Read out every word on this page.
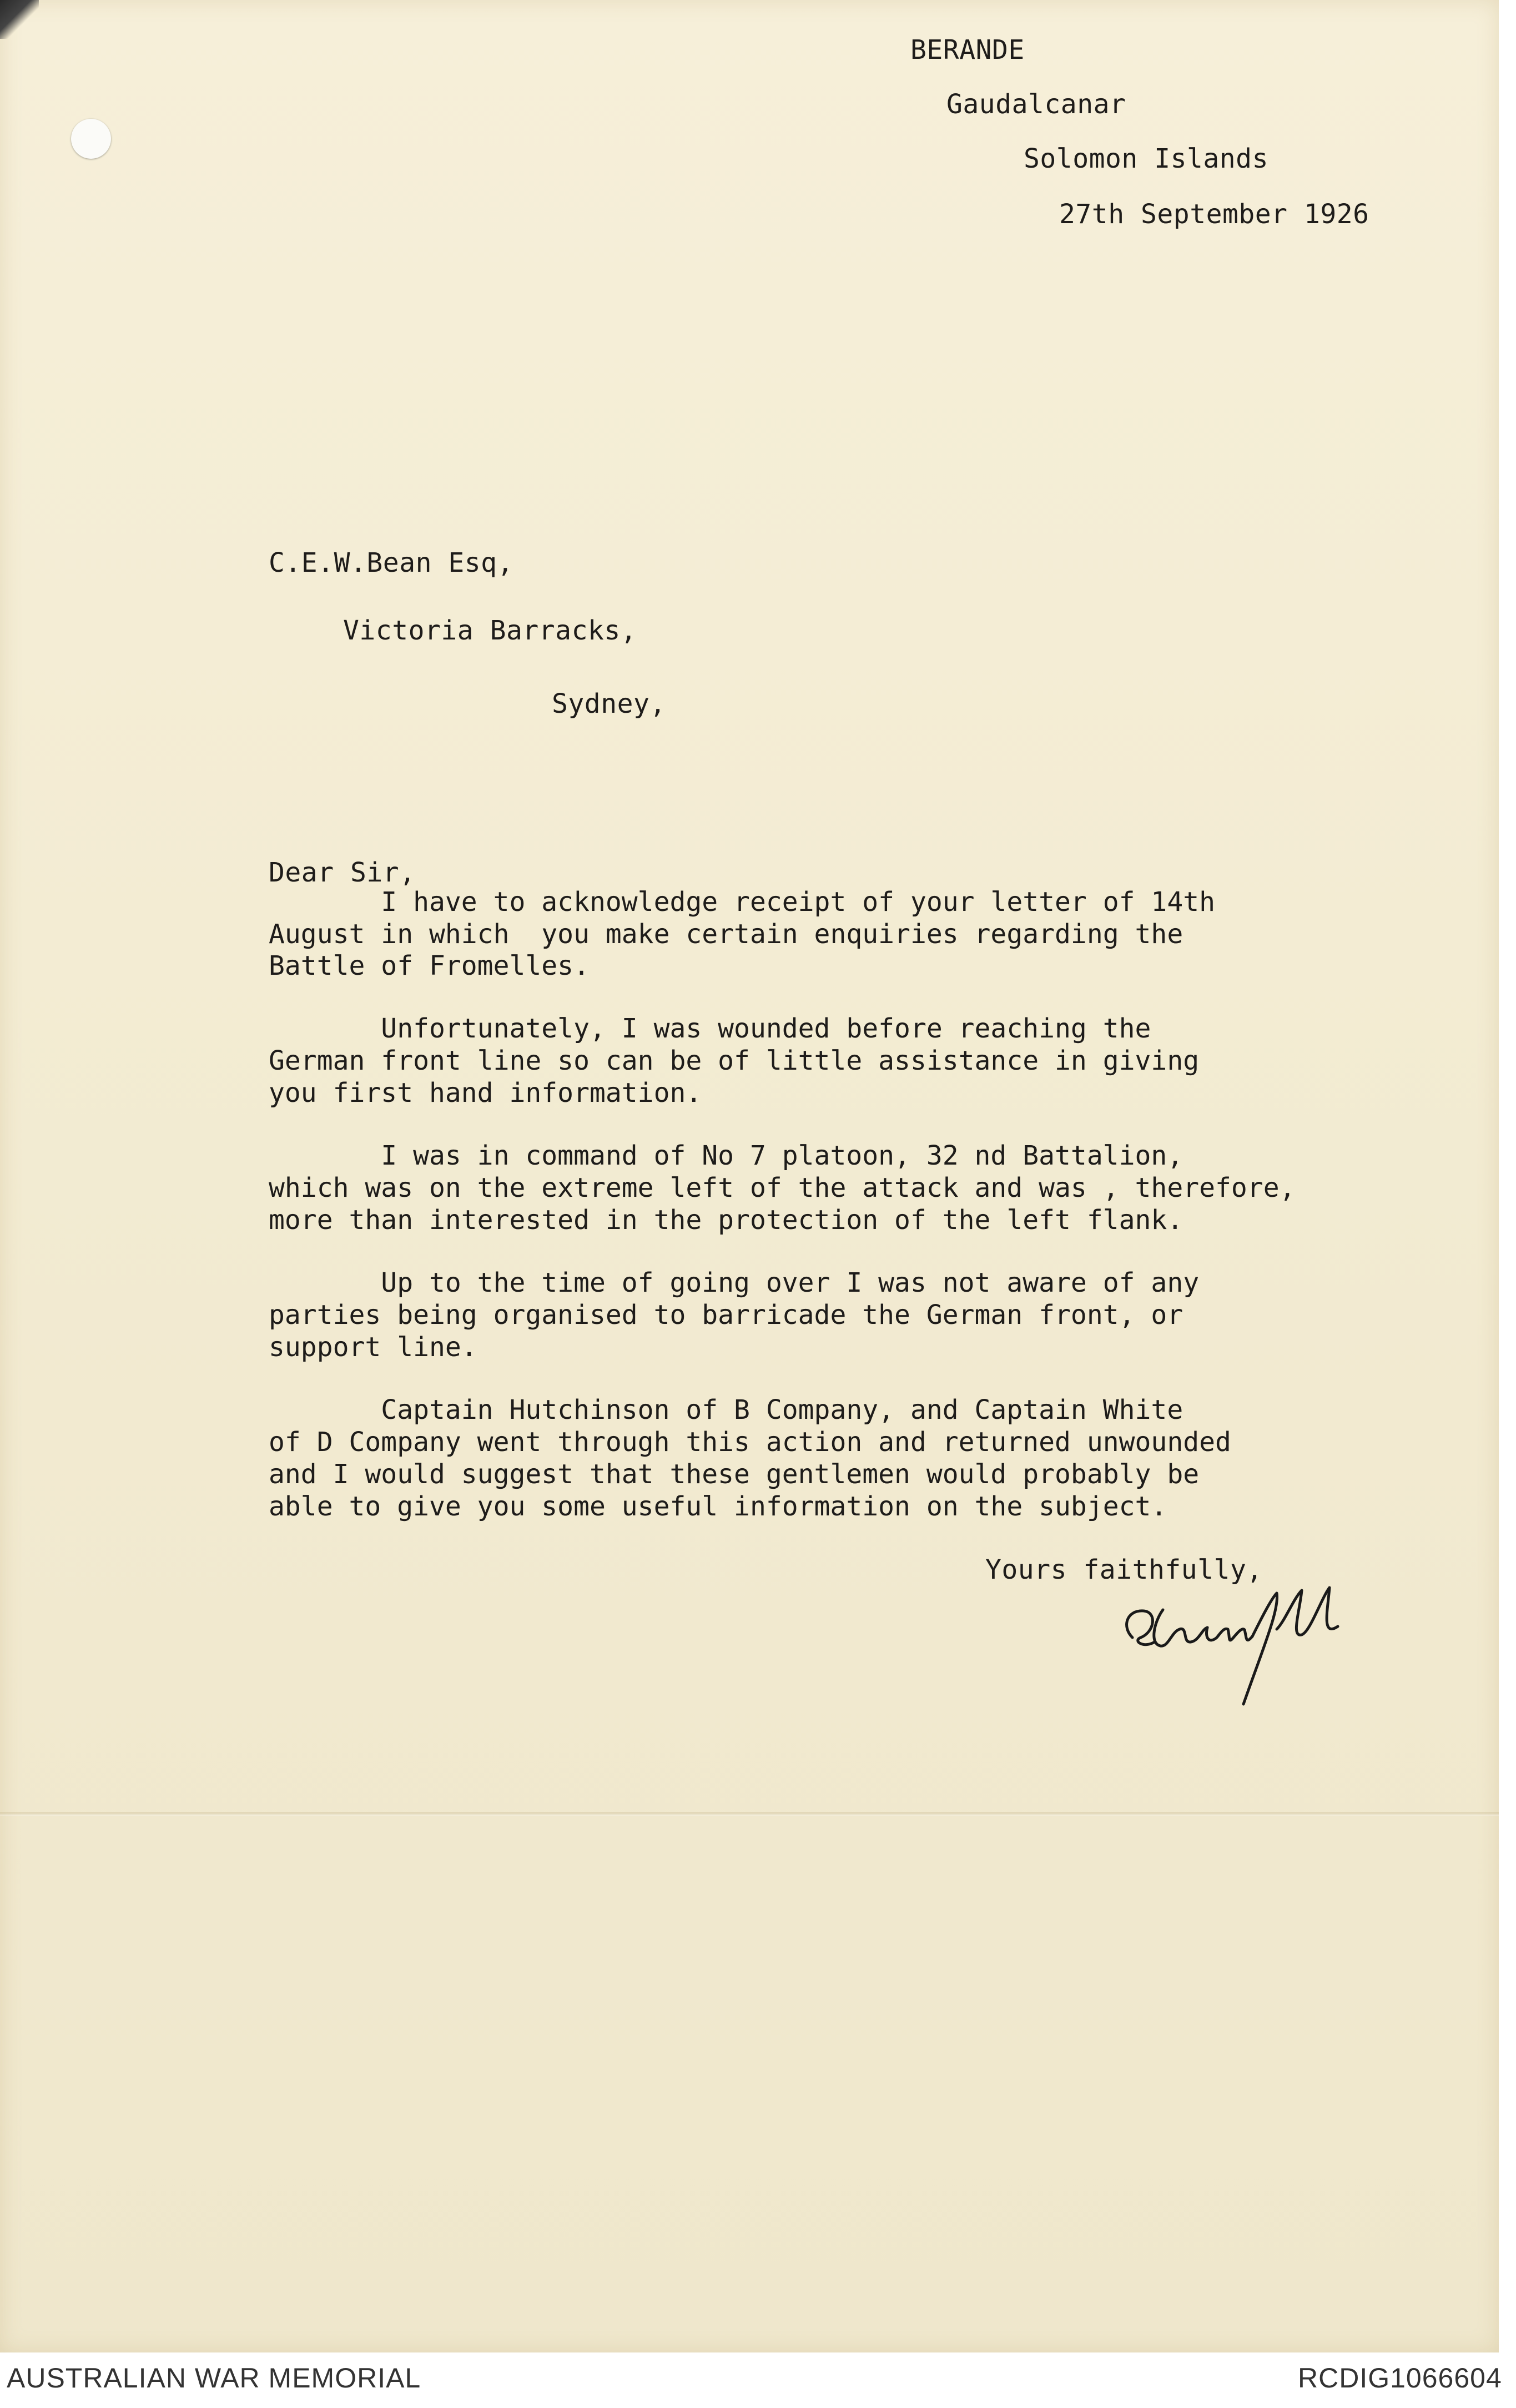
BERANDE
Gaudalcanar
Solomon Islands
27th September 1926
C.E.W.Bean Esq,
Victoria Barracks,
Sydney,
Dear Sir,
I have to acknowledge receipt of your letter of 14th
August in which  you make certain enquiries regarding the
Battle of Fromelles.
Unfortunately, I was wounded before reaching the
German front line so can be of little assistance in giving
you first hand information.
I was in command of No 7 platoon, 32 nd Battalion,
which was on the extreme left of the attack and was , therefore,
more than interested in the protection of the left flank.
Up to the time of going over I was not aware of any
parties being organised to barricade the German front, or
support line.
Captain Hutchinson of B Company, and Captain White
of D Company went through this action and returned unwounded
and I would suggest that these gentlemen would probably be
able to give you some useful information on the subject.
Yours faithfully,
AUSTRALIAN WAR MEMORIAL	RCDIG1066604
